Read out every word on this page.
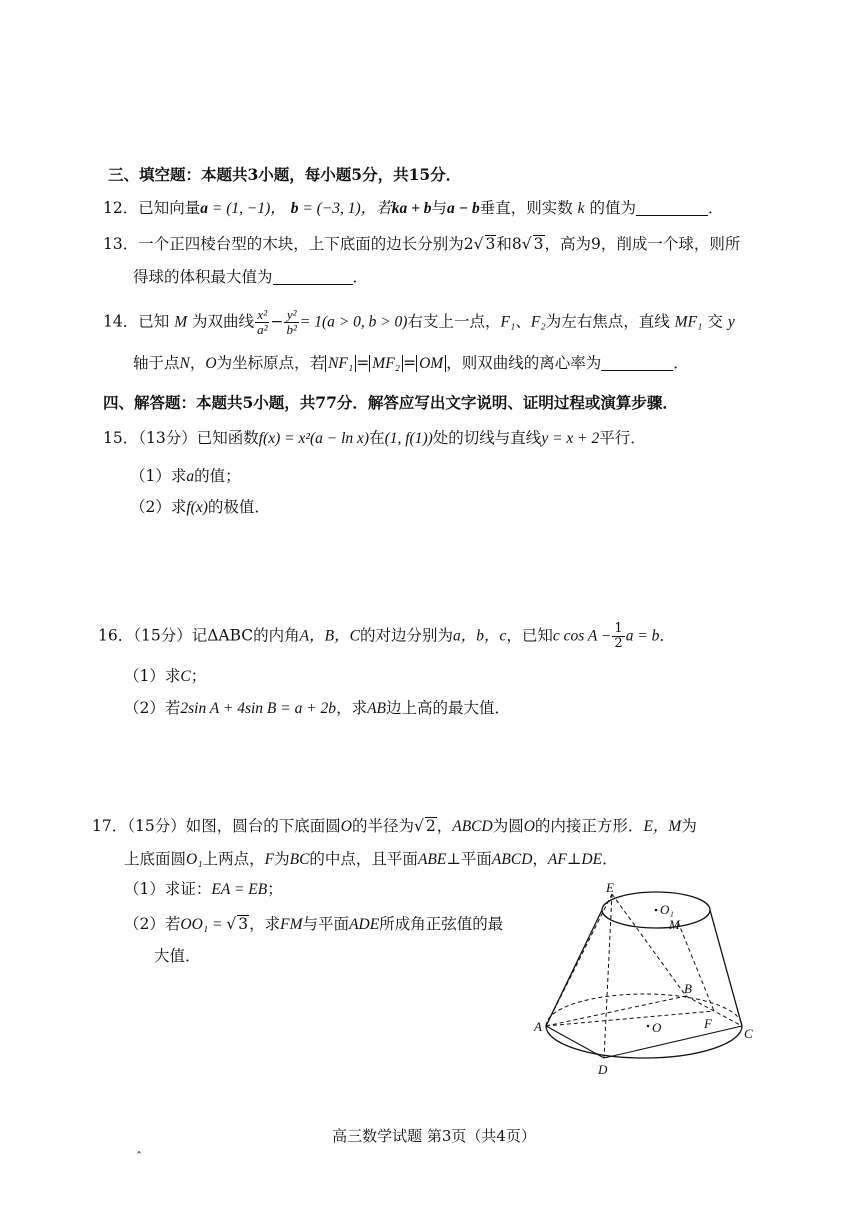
三、填空题：本题共3小题，每小题5分，共15分．
12．已知向量a = (1, −1)， b = (−3, 1)，若ka + b与a − b垂直，则实数 k 的值为	．
13．一个正四棱台型的木块，上下底面的边长分别为2√ 3和8√ 3，高为9，削成一个球，则所
得球的体积最大值为	．
14．已知 M 为双曲线 $\frac{\text{x²}}{\text{a²}} - \frac{\text{y²}}{\text{b²}} = 1(a > 0$, b > 0)右支上一点，F₁、F₂为左右焦点，直线 MF₁ 交 y
轴于点N，O为坐标原点，若 NF₁ = MF₂ = OM ，则双曲线的离心率为	．
四、解答题：本题共5小题，共77分．解答应写出文字说明、证明过程或演算步骤．
15．（13分）已知函数f(x) = x²(a − ln x)在(1, f(1))处的切线与直线y = x + 2平行．
（1）求a的值；
（2）求f(x)的极值．
16．（15分）记ΔABC的内角A，B，C的对边分别为a，b，c，已知c $\cos A - \frac{1}{2}$ a = b．
（1）求C；
（2）若2sin A + 4sin B = a + 2b，求AB边上高的最大值．
17．（15分）如图，圆台的下底面圆O的半径为√ 2，ABCD为圆O的内接正方形．E，M为
上底面圆O₁上两点，F为BC的中点，且平面ABE⊥平面ABCD，AF⊥DE．
（1）求证：EA = EB；
（2）若OO₁ = √ 3，求FM与平面ADE所成角正弦值的最
大值．
E
O₁
M
B
A	O	F
C
D
高三数学试题 第3页（共4页）
ˆ
